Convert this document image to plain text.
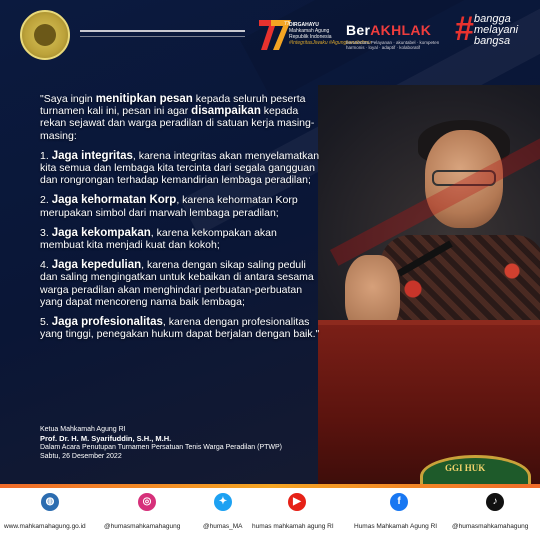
GGI HUK
77 DIRGAHAYU
Mahkamah Agung
Republik Indonesia
#IntegritasJiwaku #Agungkanabdimu
BerAKHLAK
berorientasi Pelayanan · akuntabel · kompeten harmonis · loyal · adaptif · kolaboratif	# bangga
melayani
bangsa

"Saya ingin menitipkan pesan kepada seluruh peserta turnamen kali ini, pesan ini agar disampaikan kepada rekan sejawat dan warga peradilan di satuan kerja masing-masing:

1. Jaga integritas, karena integritas akan menyelamatkan kita semua dan lembaga kita tercinta dari segala gangguan dan rongrongan terhadap kemandirian lembaga peradilan;

2. Jaga kehormatan Korp, karena kehormatan Korp merupakan simbol dari marwah lembaga peradilan;

3. Jaga kekompakan, karena kekompakan akan membuat kita menjadi kuat dan kokoh;

4. Jaga kepedulian, karena dengan sikap saling peduli dan saling mengingatkan untuk kebaikan di antara sesama warga peradilan akan menghindari perbuatan-perbuatan yang dapat mencoreng nama baik lembaga;

5. Jaga profesionalitas, karena dengan profesionalitas yang tinggi, penegakan hukum dapat berjalan dengan baik."

Ketua Mahkamah Agung RI
Prof. Dr. H. M. Syarifuddin, S.H., M.H.
Dalam Acara Penutupan Turnamen Persatuan Tenis Warga Peradilan (PTWP)
Sabtu, 26 Desember 2022
◍
www.mahkamahagung.go.id
◎
@humasmahkamahagung
✦
@humas_MA
▶
humas mahkamah agung RI
f
Humas Mahkamah Agung RI
♪
@humasmahkamahagung
